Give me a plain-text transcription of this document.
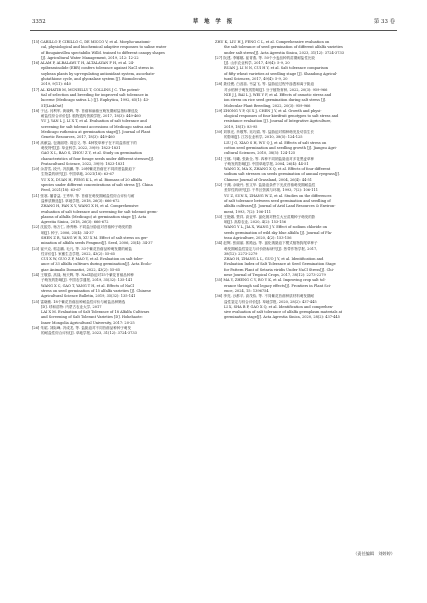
3352	草 地 学 报	第 33 卷
[15] CARILLO P, CIRILLO C, DE MICCO V, et al. Morpho-anatomi-
cal, physiological and biochemical adaptive responses to saline water
of Bougainvillea spectabilis Willd. trained to different canopy shapes
[J]. Agricultural Water Management, 2019, 212: 12-22
[16] ALAM P, ALBALAWI T H, ALTALAYAN F H, et al. 24-
epibrassinolide (EBR) confers tolerance against NaCl stress in
soybean plants by up-regulating antioxidant system, ascorbate-
glutathione cycle, and glyoxalase system [J]. Biomolecules,
2019, 9(11): 640
[17] AL KHATIB M, MCNEILLY T, COLLINS J C. The potent-
tial of selection and breeding for improved salt tolerance in
lucerne (Medicago sativa L.) [J]. Euphytica, 1992, 65(1): 43-
51[LinkOut]
[18] 于达, 闫利军, 黄晓晖, 等. 苜蓿和扁蓿豆萌发期耐盐指标筛选及
耐盐性综合评价[J]. 植物遗传资源学报, 2017, 18(3): 449-460
YU J, YAN L J, LI X T, et al. Evaluation of salt tolerance and
screening for salt tolerant accessions of Medicago sativa and
Medicago ruthenica at germination stage[J]. Journal of Plant
Genetic Resources, 2017, 18(3): 449-460
[19] 高献益, 包赛丽塔, 周忠义, 等. 4种牧草种子在不同盐浓度下的
萌发特性[J]. 草业科学, 2022, 39(9): 1823-1831
GAO X L, BAO S, ZHOU Z Y, et al. Study on germination
characteristics of four forage seeds under different stresses[J].
Pratacultural Science, 2022, 39(9): 1823-1831
[20] 余香雪, 段兴, 冯凯鹏, 等. 20种紫花苜蓿在不同浓度盐胁迫下
生物量的研究[J]. 中国草地, 2021(18): 63-67
YU X X, DUAN H, FENG K L, et al. Biomass of 20 alfalfa
species under different concentrations of salt stress [J]. China
Feed, 2021(18): 63-67
[21] 张寒, 播香益, 王秀华, 等. 苜蓿在萌发期耐盐性综合评价与耐
盐种质筛选[J]. 草地学报, 2018, 26(3): 666-672
ZHANG H, PAN X Y, WANG X H, et al. Comprehensive
evaluation of salt tolerance and screening for salt tolerant germ-
plasms of alfalfa (Medicago) at germination stage [J]. Acta
Agrestia Sinica, 2018, 26(3): 666-672
[22] 沈振芳, 杨万仁, 徐秀梅. 不同盐分胁迫对苜蓿种子萌发的影
响[J]. 种子, 2006, 25(4): 34-37
SHEN Z R, YANG W R, XU X M. Effect of salt stress on ger-
mination of alfalfa seeds Fengmei[J]. Seed, 2006, 25(4): 34-37
[23] 崔兴克, 郭志鹏, 毛凡, 等. 33个紫花苜蓿品种萌发期的耐盐
性评价[J]. 家畜生态学报, 2022, 43(2): 55-65
CUI X W, GUO Z P, MAO Y, et al. Evaluation on salt toler-
ance of 33 alfalfa cultivars during germination[J]. Acta Ecolo-
giae Animalis Domastici, 2022, 43(2): 55-65
[24] 王敬春, 高禄, 杨天辉, 等. NaCl胁迫对15个紫花苜蓿品种种
子萌发的影响[J]. 中国农学通报, 2019, 35(32): 135-141
WANG X C, GAO T, YANG T H, et al. Effects of NaCl
stress on seed germination of 15 alfalfa varieties [J]. Chinese
Agricultural Science Bulletin, 2019, 35(32): 135-141
[25] 雷晓敏. 18个紫花苜蓿品种耐盐性评价与耐盐品种筛选
[D]. 呼和浩特: 内蒙古农业大学, 2017
LAI X M. Evaluation of Salt Tolerance of 18 Alfalfa Cultivars
and Screening of Salt Tolerant Varieties [D]. Hohehaote:
Inner Mongolia Agricultural University, 2017: 20-25
[26] 朱昭, 刘际峰, 冯成龙, 等. 盐胁迫对不同苜蓿品种种子萌发
的耐盐性综合评价[J]. 草地学报, 2023, 31(12): 3724-3733
ZHU K, LIU H J, FENG C L, et al. Comprehensive evaluation on
the salt tolerance of seed germination of different alfalfa varieties
under salt stress[J]. Acta Agrestia Sinica, 2023, 31(12): 3724-3733
[27] 阮建, 李娜娜, 崔青燕, 等. 50个小麦品种的苗期耐盐性比较
[J]. 山东农业科学, 2017, 49(4): 5-9, 20
RUAN J, LI N N, CUI H Y, et al. Salt tolerance comparison
of fifty wheat varieties at seedling stage [J]. Shandong Agricul-
tural Sciences, 2017, 49(4): 5-9, 20
[28] 聂佳俊, 白蕊蕊, 韦益飞, 等. 盐胁迫过程中渗透和离子胁迫
对水稻种子萌发的影响[J]. 分子植物育种, 2022, 20(3): 959-966
NIE J J, BAI L J, WEI Y F, et al. Effects of osmotic stress and
ion stress on rice seed germination during salt stress [J].
Molecular Plant Breeding, 2022, 20(3): 959-966
[29] ZHONG Y P, QI X J, CHEN J Y, et al. Growth and physi-
ological responses of four kiwifruit genotypes to salt stress and
resistance evaluation [J]. Journal of Integrative Agriculture,
2019, 18(1): 83-95
[30] 刘厚光, 肖敬琴, 吴巧娟, 等. 盐胁迫对棉种萌发及幼苗生长
的影响[J]. 江苏农业科学, 2010, 38(5): 124-125
LIU J G, XIAO S H, WU Q J, et al. Effects of salt stress on
cotton seed germination and seedling growth [J]. Jiangsu Agri-
cultural Sciences, 2010, 38(5): 124-125
[31] 王娜, 马曦, 张新全, 等. 四种不同钠盐胁迫对多花黑麦草种
子萌发的影响[J]. 中国草地学报, 2004, 26(4): 44-51
WANG X, MA X, ZHANG X Q, et al. Effects of four different
sodium salt stresses on seeds germination of annual ryegrass[J].
Chinese Journal of Grassland, 2004, 26(4): 44-51
[32] 于渊, 余晓丹, 张文华. 盐胁迫条件下光皮苜蓿萌发期耐盐性
差异性的研究[J]. 干旱区资源与环境, 1993, 7(2): 106-111
YU Z, SUN X, ZHANG W Z, et al. Studies on the differences
of salt tolerance between seed germination and seedling of
alfalfa cultivars[J]. Journal of Arid Land Resources & Environ-
ment, 1993, 7(2): 106-111
[33] 王艳娜, 贾祥, 高亚军. 氯化钠对野生大豆苗期种子萌发的影
响[J]. 高原农业, 2020, 4(2): 153-156
WANG Y L, JIA X, WANG J Y. Effect of sodium chloride on
seeds germination of wild sky blue alfalfa [J]. Journal of Pla-
teau Agriculture, 2020, 4(2): 153-156
[34] 赵辉, 张丽丽, 郭路远, 等. 氯化钠胁迫下模式植物狗尾草种子
萌发期耐盐性鉴定与评价指标研究[J]. 热带作物学报, 2017,
38(12): 2273-2279
ZHAO H, ZHANG L L, GUO J Y, et al. Identification and
Evaluation Index of Salt Tolerance at Seed Germination Stage
for Pattern Plant of Setaria viridis Under NaCl Stress[J]. Chi-
nese Journal of Tropical Crops, 2017, 38(12): 2273-2279
[35] MA Y, ZHENG C Y, BO Y K, et al. Improving crop salt tol-
erance through soil legacy effects[J]. Frontiers in Plant Sci-
ence, 2024, 15: 1396754
[36] 李亮, 沙都平, 高茂侍, 等. 不同紫花苜蓿种质材料萌发期耐
盐性鉴定与综合评价[J]. 草地学报, 2020, 28(2): 437-445
LI X, SHA B P, GAO X Q, et al. Identification and comprehen-
sive evaluation of salt tolerance of alfalfa germplasm materials at
germination stage[J]. Acta Agrestia Sinica, 2020, 28(2): 437-445
（责任编辑　刘婷婷）
